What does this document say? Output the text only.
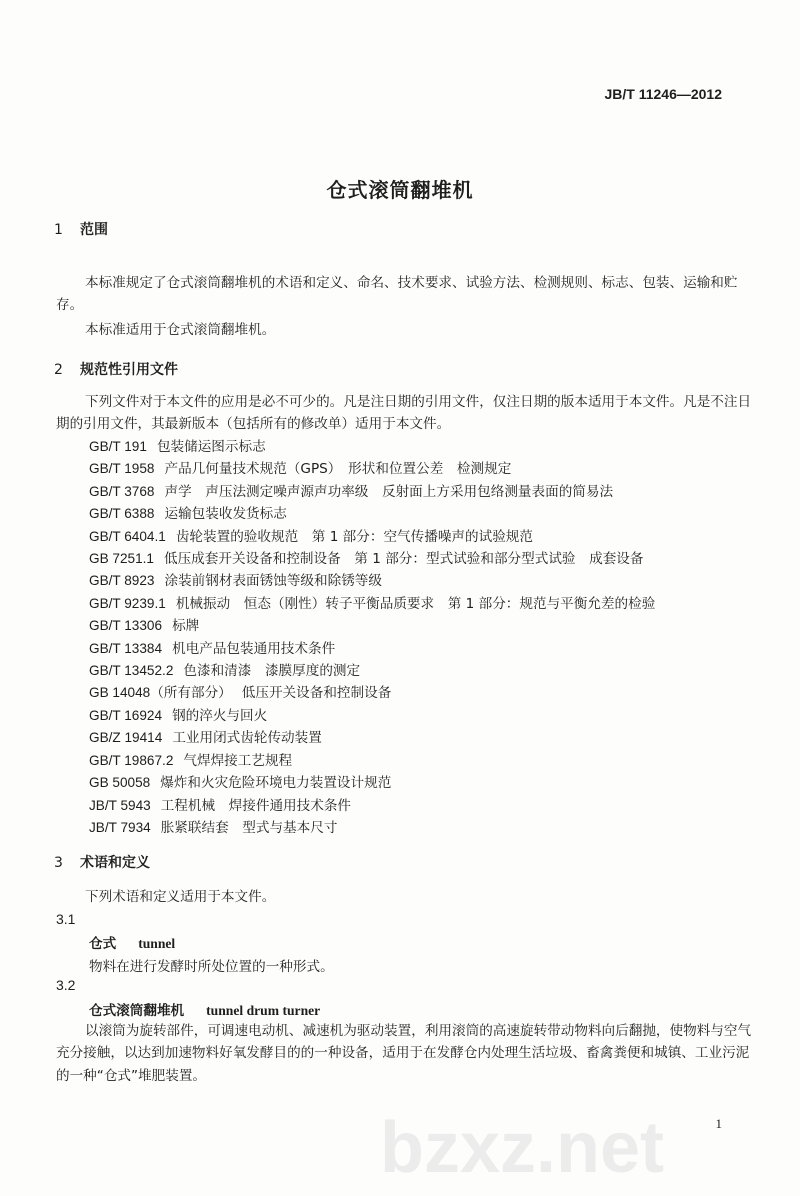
bzxz.net
JB/T 11246—2012
仓式滚筒翻堆机
1 范围
本标准规定了仓式滚筒翻堆机的术语和定义、命名、技术要求、试验方法、检测规则、标志、包装、运输和贮存。
本标准适用于仓式滚筒翻堆机。
2 规范性引用文件
下列文件对于本文件的应用是必不可少的。凡是注日期的引用文件，仅注日期的版本适用于本文件。凡是不注日期的引用文件，其最新版本（包括所有的修改单）适用于本文件。
GB/T 191 包装储运图示标志
GB/T 1958 产品几何量技术规范（GPS）　形状和位置公差　检测规定
GB/T 3768 声学　声压法测定噪声源声功率级　反射面上方采用包络测量表面的简易法
GB/T 6388 运输包装收发货标志
GB/T 6404.1 齿轮装置的验收规范　第 1 部分：空气传播噪声的试验规范
GB 7251.1 低压成套开关设备和控制设备　第 1 部分：型式试验和部分型式试验　成套设备
GB/T 8923 涂装前钢材表面锈蚀等级和除锈等级
GB/T 9239.1 机械振动　恒态（刚性）转子平衡品质要求　第 1 部分：规范与平衡允差的检验
GB/T 13306 标牌
GB/T 13384 机电产品包装通用技术条件
GB/T 13452.2 色漆和清漆　漆膜厚度的测定
GB 14048（所有部分） 低压开关设备和控制设备
GB/T 16924 钢的淬火与回火
GB/Z 19414 工业用闭式齿轮传动装置
GB/T 19867.2 气焊焊接工艺规程
GB 50058 爆炸和火灾危险环境电力装置设计规范
JB/T 5943 工程机械　焊接件通用技术条件
JB/T 7934 胀紧联结套　型式与基本尺寸
3 术语和定义
下列术语和定义适用于本文件。
3.1
仓式 tunnel
物料在进行发酵时所处位置的一种形式。
3.2
仓式滚筒翻堆机 tunnel drum turner
以滚筒为旋转部件，可调速电动机、减速机为驱动装置，利用滚筒的高速旋转带动物料向后翻抛，使物料与空气充分接触，以达到加速物料好氧发酵目的的一种设备，适用于在发酵仓内处理生活垃圾、畜禽粪便和城镇、工业污泥的一种“仓式”堆肥装置。
1
